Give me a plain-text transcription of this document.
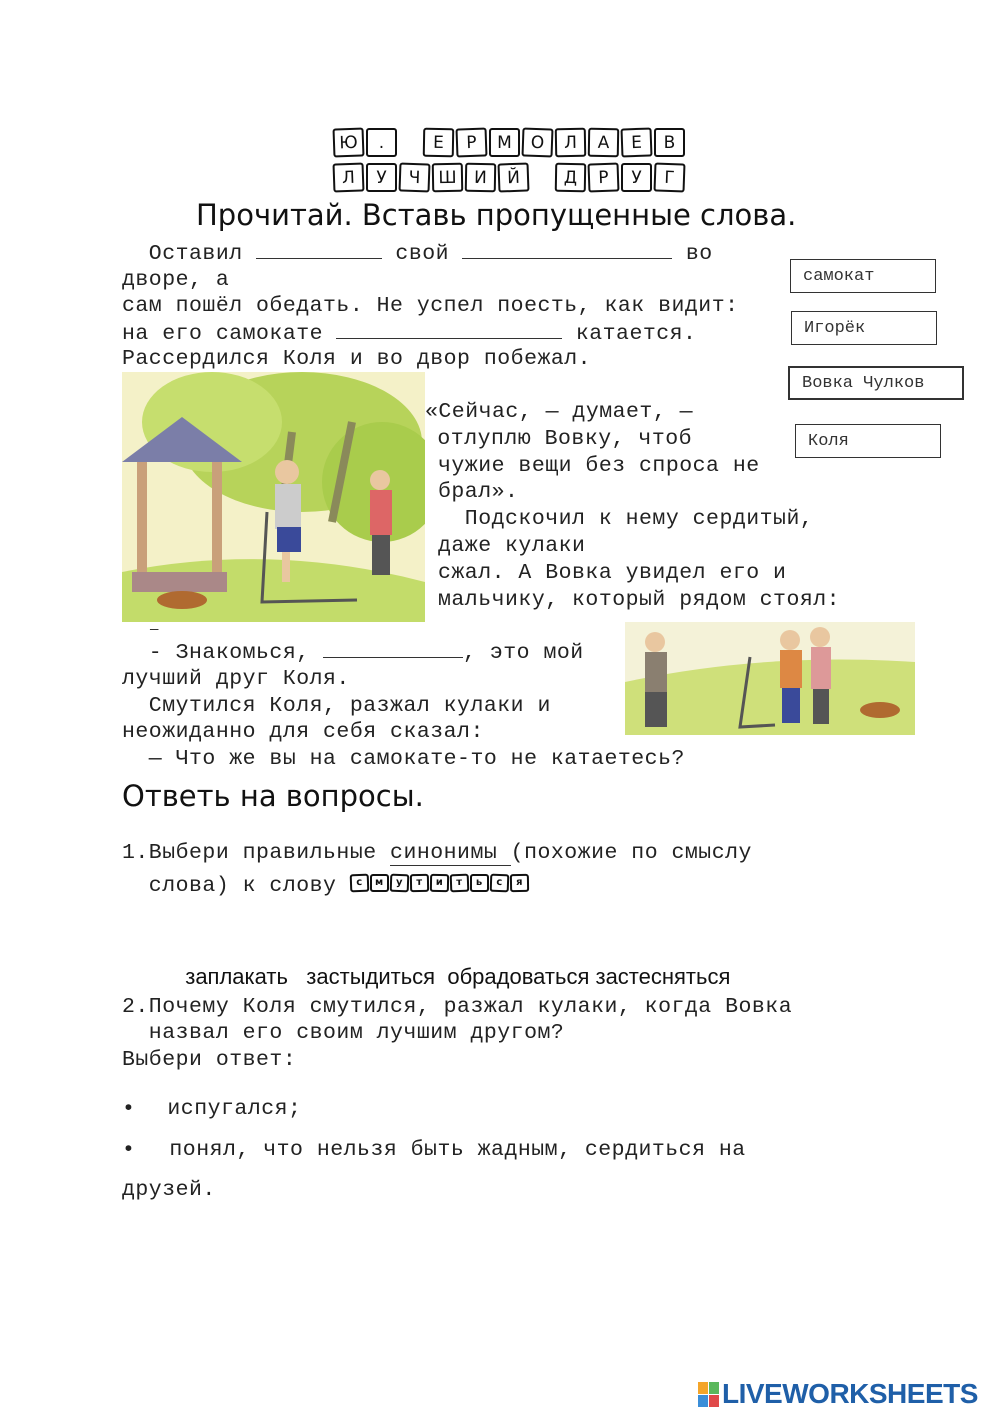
Ю	.	Е	Р	М	О	Л	А	Е	В
Л	У	Ч	Ш	И	Й	Д	Р	У	Г
Прочитай. Вставь пропущенные слова.
самокат
Игорёк
Вовка Чулков
Коля
Оставил	свой	во
дворе, а
сам пошёл обедать. Не успел поесть, как видит:
на его самокате	катается.
Рассердился Коля и во двор побежал.
«Сейчас, — думает, —
отлуплю Вовку, чтоб
чужие вещи без спроса не
брал».
Подскочил к нему сердитый,
даже кулаки
сжал. А Вовка увидел его и
мальчику, который рядом стоял:
—
- Знакомься,	, это мой
лучший друг Коля.
Смутился Коля, разжал кулаки и
неожиданно для себя сказал:
— Что же вы на самокате-то не катаетесь?
Ответь на вопросы.
1.Выбери правильные синонимы (похожие по смыслу
слова) к слову с	м	у	т	и	т	ь	с	я

заплакать застыдиться обрадоваться застесняться

2.Почему Коля смутился, разжал кулаки, когда Вовка
назвал его своим лучшим другом?
Выбери ответ:
• испугался;
• понял, что нельзя быть жадным, сердиться на
друзей.
LIVEWORKSHEETS
